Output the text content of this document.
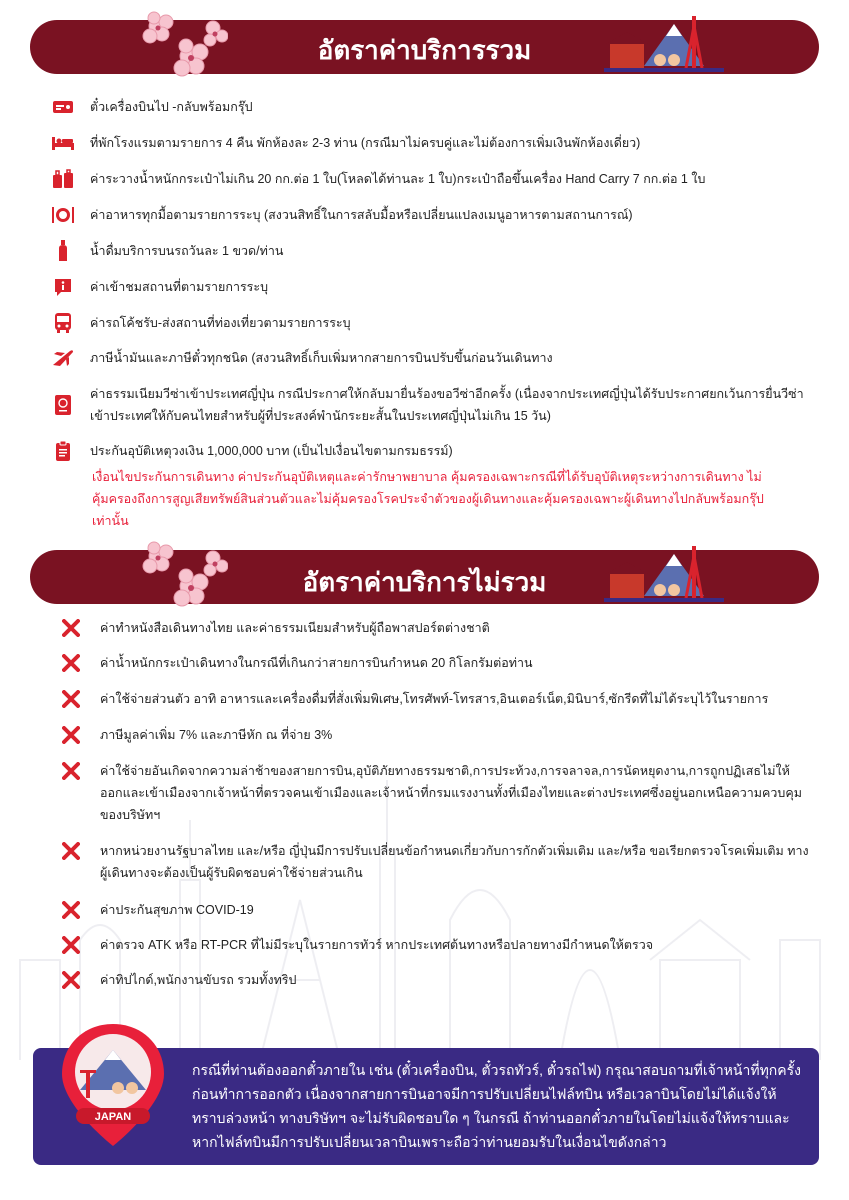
อัตราค่าบริการรวม
ตั๋วเครื่องบินไป -กลับพร้อมกรุ๊ป
ที่พักโรงแรมตามรายการ 4 คืน พักห้องละ 2-3 ท่าน (กรณีมาไม่ครบคู่และไม่ต้องการเพิ่มเงินพักห้องเดี่ยว)
ค่าระวางน้ำหนักกระเป๋าไม่เกิน 20 กก.ต่อ 1 ใบ(โหลดได้ท่านละ 1 ใบ)กระเป๋าถือขึ้นเครื่อง Hand Carry 7 กก.ต่อ 1 ใบ
ค่าอาหารทุกมื้อตามรายการระบุ (สงวนสิทธิ์ในการสลับมื้อหรือเปลี่ยนแปลงเมนูอาหารตามสถานการณ์)
น้ำดื่มบริการบนรถวันละ 1 ขวด/ท่าน
ค่าเข้าชมสถานที่ตามรายการระบุ
ค่ารถโค้ชรับ-ส่งสถานที่ท่องเที่ยวตามรายการระบุ
ภาษีน้ำมันและภาษีตั๋วทุกชนิด (สงวนสิทธิ์เก็บเพิ่มหากสายการบินปรับขึ้นก่อนวันเดินทาง
ค่าธรรมเนียมวีซ่าเข้าประเทศญี่ปุ่น กรณีประกาศให้กลับมายื่นร้องขอวีซ่าอีกครั้ง (เนื่องจากประเทศญี่ปุ่นได้รับประกาศยกเว้นการยื่นวีซ่าเข้าประเทศให้กับคนไทยสำหรับผู้ที่ประสงค์พำนักระยะสั้นในประเทศญี่ปุ่นไม่เกิน 15 วัน)
ประกันอุบัติเหตุวงเงิน 1,000,000 บาท (เป็นไปเงื่อนไขตามกรมธรรม์)
เงื่อนไขประกันการเดินทาง ค่าประกันอุบัติเหตุและค่ารักษาพยาบาล คุ้มครองเฉพาะกรณีที่ได้รับอุบัติเหตุระหว่างการเดินทาง ไม่คุ้มครองถึงการสูญเสียทรัพย์สินส่วนตัวและไม่คุ้มครองโรคประจำตัวของผู้เดินทางและคุ้มครองเฉพาะผู้เดินทางไปกลับพร้อมกรุ๊ปเท่านั้น
อัตราค่าบริการไม่รวม
ค่าทำหนังสือเดินทางไทย และค่าธรรมเนียมสำหรับผู้ถือพาสปอร์ตต่างชาติ
ค่าน้ำหนักกระเป๋าเดินทางในกรณีที่เกินกว่าสายการบินกำหนด 20 กิโลกรัมต่อท่าน
ค่าใช้จ่ายส่วนตัว อาทิ อาหารและเครื่องดื่มที่สั่งเพิ่มพิเศษ,โทรศัพท์-โทรสาร,อินเตอร์เน็ต,มินิบาร์,ซักรีดที่ไม่ได้ระบุไว้ในรายการ
ภาษีมูลค่าเพิ่ม 7% และภาษีหัก ณ ที่จ่าย 3%
ค่าใช้จ่ายอันเกิดจากความล่าช้าของสายการบิน,อุบัติภัยทางธรรมชาติ,การประท้วง,การจลาจล,การนัดหยุดงาน,การถูกปฏิเสธไม่ให้ออกและเข้าเมืองจากเจ้าหน้าที่ตรวจคนเข้าเมืองและเจ้าหน้าที่กรมแรงงานทั้งที่เมืองไทยและต่างประเทศซึ่งอยู่นอกเหนือความควบคุมของบริษัทฯ
หากหน่วยงานรัฐบาลไทย และ/หรือ ญี่ปุ่นมีการปรับเปลี่ยนข้อกำหนดเกี่ยวกับการกักตัวเพิ่มเติม และ/หรือ ขอเรียกตรวจโรคเพิ่มเติม ทางผู้เดินทางจะต้องเป็นผู้รับผิดชอบค่าใช้จ่ายส่วนเกิน
ค่าประกันสุขภาพ COVID-19
ค่าตรวจ ATK หรือ RT-PCR ที่ไม่มีระบุในรายการทัวร์ หากประเทศต้นทางหรือปลายทางมีกำหนดให้ตรวจ
ค่าทิปไกด์,พนักงานขับรถ รวมทั้งทริป
JAPAN
กรณีที่ท่านต้องออกตั๋วภายใน เช่น (ตั๋วเครื่องบิน, ตั๋วรถทัวร์, ตั๋วรถไฟ) กรุณาสอบถามที่เจ้าหน้าที่ทุกครั้งก่อนทำการออกตัว เนื่องจากสายการบินอาจมีการปรับเปลี่ยนไฟล์ทบิน หรือเวลาบินโดยไม่ได้แจ้งให้ทราบล่วงหน้า ทางบริษัทฯ จะไม่รับผิดชอบใด ๆ ในกรณี ถ้าท่านออกตั๋วภายในโดยไม่แจ้งให้ทราบและหากไฟล์ทบินมีการปรับเปลี่ยนเวลาบินเพราะถือว่าท่านยอมรับในเงื่อนไขดังกล่าว
